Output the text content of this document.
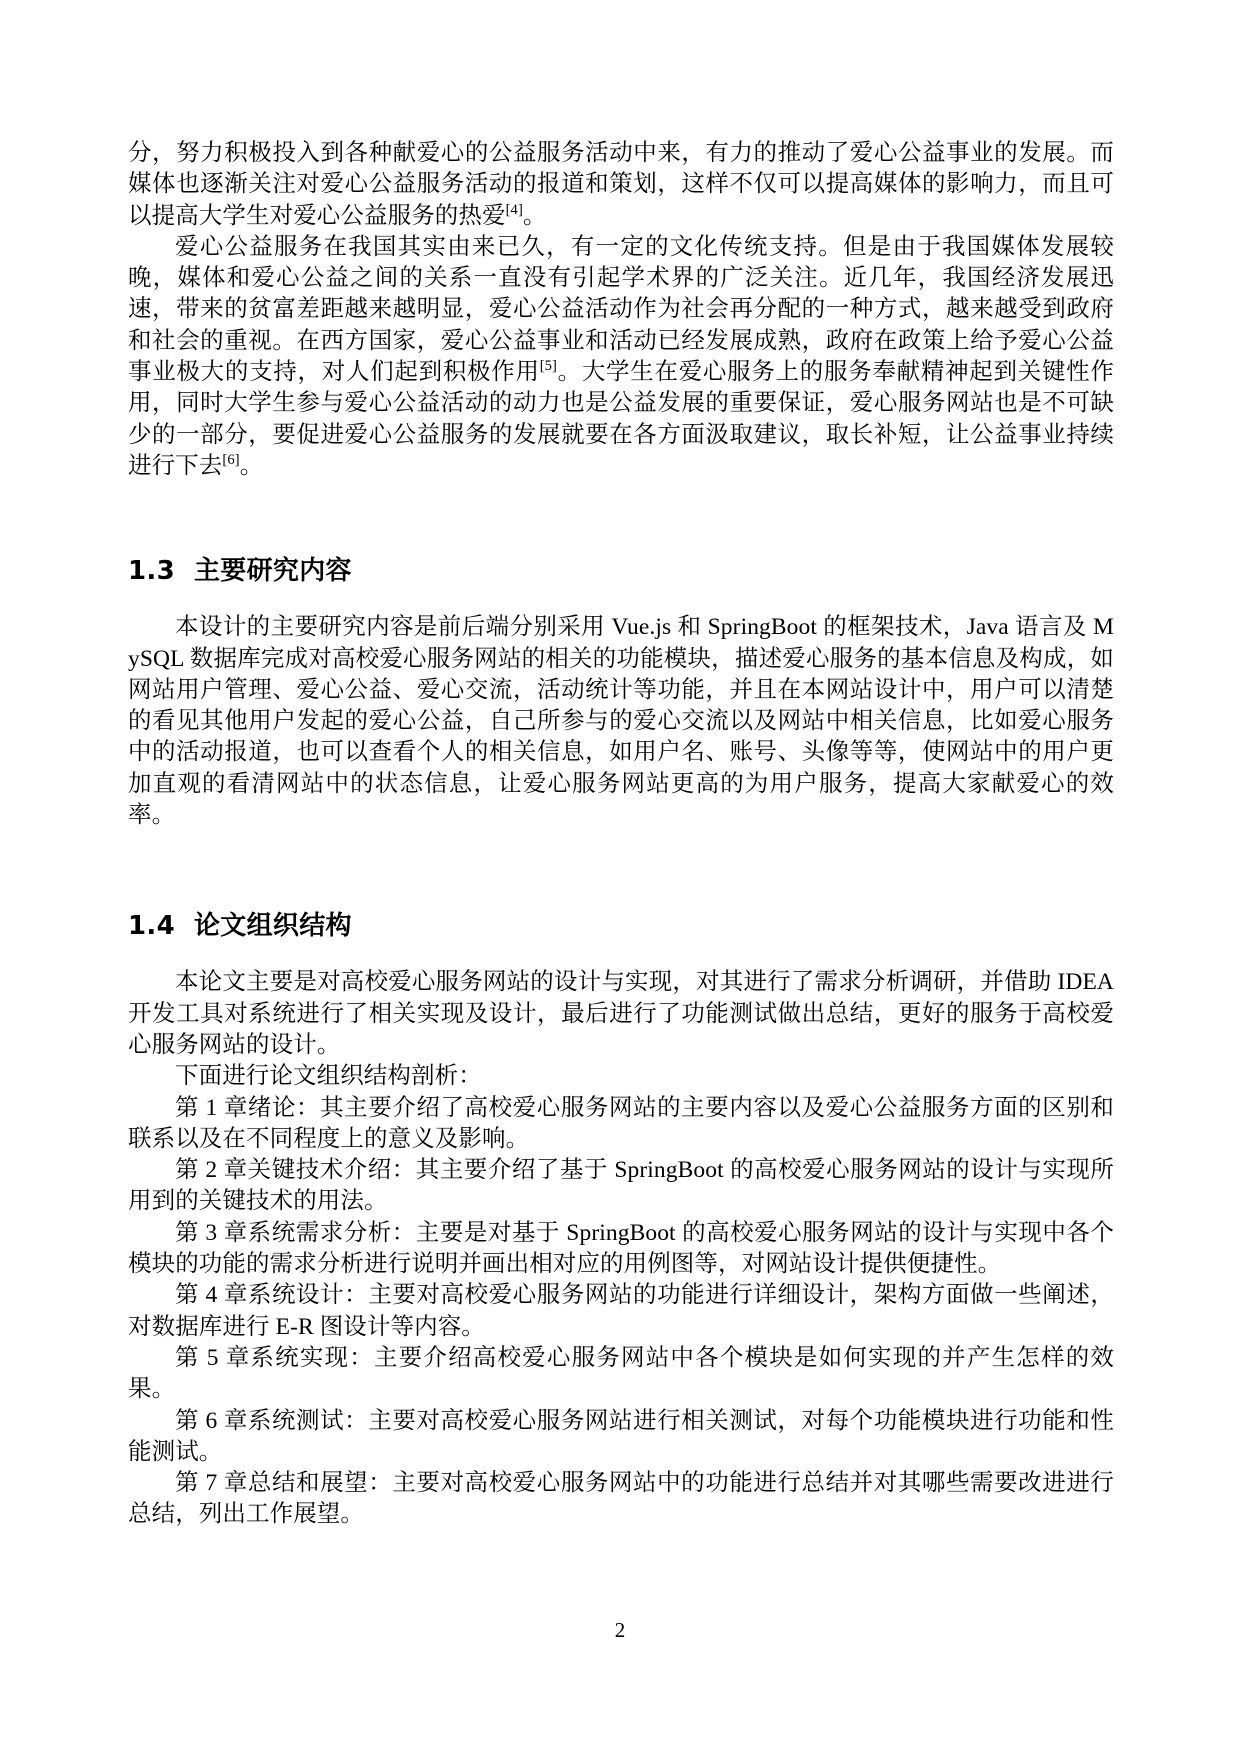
分，努力积极投入到各种献爱心的公益服务活动中来，有力的推动了爱心公益事业的发展。而媒体也逐渐关注对爱心公益服务活动的报道和策划，这样不仅可以提高媒体的影响力，而且可以提高大学生对爱心公益服务的热爱[4]。

爱心公益服务在我国其实由来已久，有一定的文化传统支持。但是由于我国媒体发展较晚，媒体和爱心公益之间的关系一直没有引起学术界的广泛关注。近几年，我国经济发展迅速，带来的贫富差距越来越明显，爱心公益活动作为社会再分配的一种方式，越来越受到政府和社会的重视。在西方国家，爱心公益事业和活动已经发展成熟，政府在政策上给予爱心公益事业极大的支持，对人们起到积极作用[5]。大学生在爱心服务上的服务奉献精神起到关键性作用，同时大学生参与爱心公益活动的动力也是公益发展的重要保证，爱心服务网站也是不可缺少的一部分，要促进爱心公益服务的发展就要在各方面汲取建议，取长补短，让公益事业持续进行下去[6]。

1.3 主要研究内容

本设计的主要研究内容是前后端分别采用 Vue.js 和 SpringBoot 的框架技术，Java 语言及 MySQL 数据库完成对高校爱心服务网站的相关的功能模块，描述爱心服务的基本信息及构成，如网站用户管理、爱心公益、爱心交流，活动统计等功能，并且在本网站设计中，用户可以清楚的看见其他用户发起的爱心公益，自己所参与的爱心交流以及网站中相关信息，比如爱心服务中的活动报道，也可以查看个人的相关信息，如用户名、账号、头像等等，使网站中的用户更加直观的看清网站中的状态信息，让爱心服务网站更高的为用户服务，提高大家献爱心的效率。

1.4 论文组织结构

本论文主要是对高校爱心服务网站的设计与实现，对其进行了需求分析调研，并借助 IDEA 开发工具对系统进行了相关实现及设计，最后进行了功能测试做出总结，更好的服务于高校爱心服务网站的设计。

下面进行论文组织结构剖析：

第 1 章绪论：其主要介绍了高校爱心服务网站的主要内容以及爱心公益服务方面的区别和联系以及在不同程度上的意义及影响。

第 2 章关键技术介绍：其主要介绍了基于 SpringBoot 的高校爱心服务网站的设计与实现所用到的关键技术的用法。

第 3 章系统需求分析：主要是对基于 SpringBoot 的高校爱心服务网站的设计与实现中各个模块的功能的需求分析进行说明并画出相对应的用例图等，对网站设计提供便捷性。

第 4 章系统设计：主要对高校爱心服务网站的功能进行详细设计，架构方面做一些阐述，对数据库进行 E-R 图设计等内容。

第 5 章系统实现：主要介绍高校爱心服务网站中各个模块是如何实现的并产生怎样的效果。

第 6 章系统测试：主要对高校爱心服务网站进行相关测试，对每个功能模块进行功能和性能测试。

第 7 章总结和展望：主要对高校爱心服务网站中的功能进行总结并对其哪些需要改进进行总结，列出工作展望。

2
